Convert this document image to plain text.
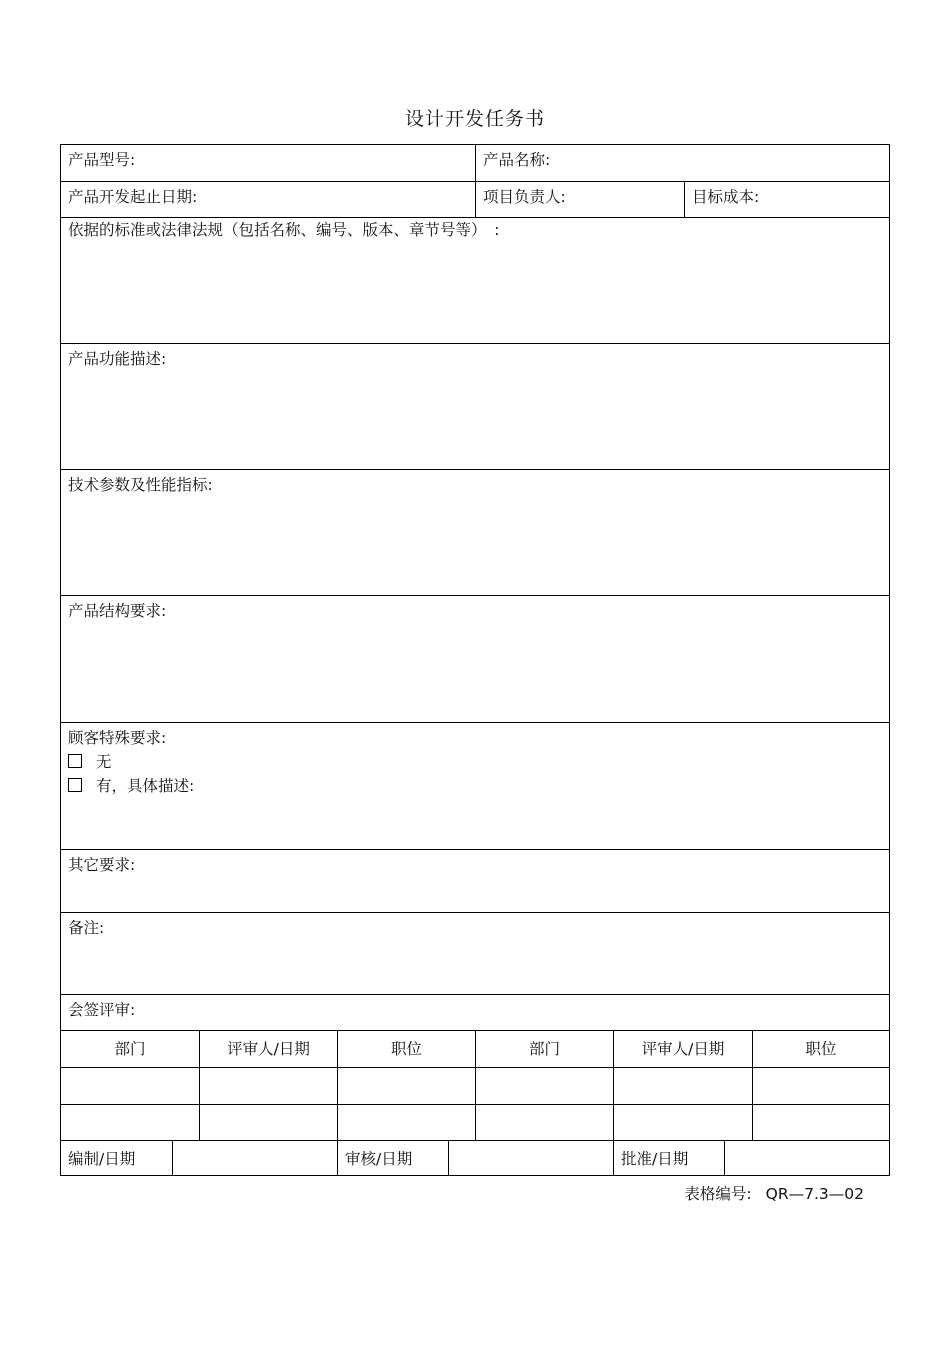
设计开发任务书
产品型号:	产品名称:
产品开发起止日期:	项目负责人:	目标成本:
依据的标准或法律法规（包括名称、编号、版本、章节号等）　:
产品功能描述:
技术参数及性能指标:
产品结构要求:
顾客特殊要求:
无
有，具体描述:
其它要求:
备注:
会签评审:
部门	评审人/日期	职位	部门	评审人/日期	职位
编制/日期	审核/日期	批准/日期
表格编号: QR—7.3—02
